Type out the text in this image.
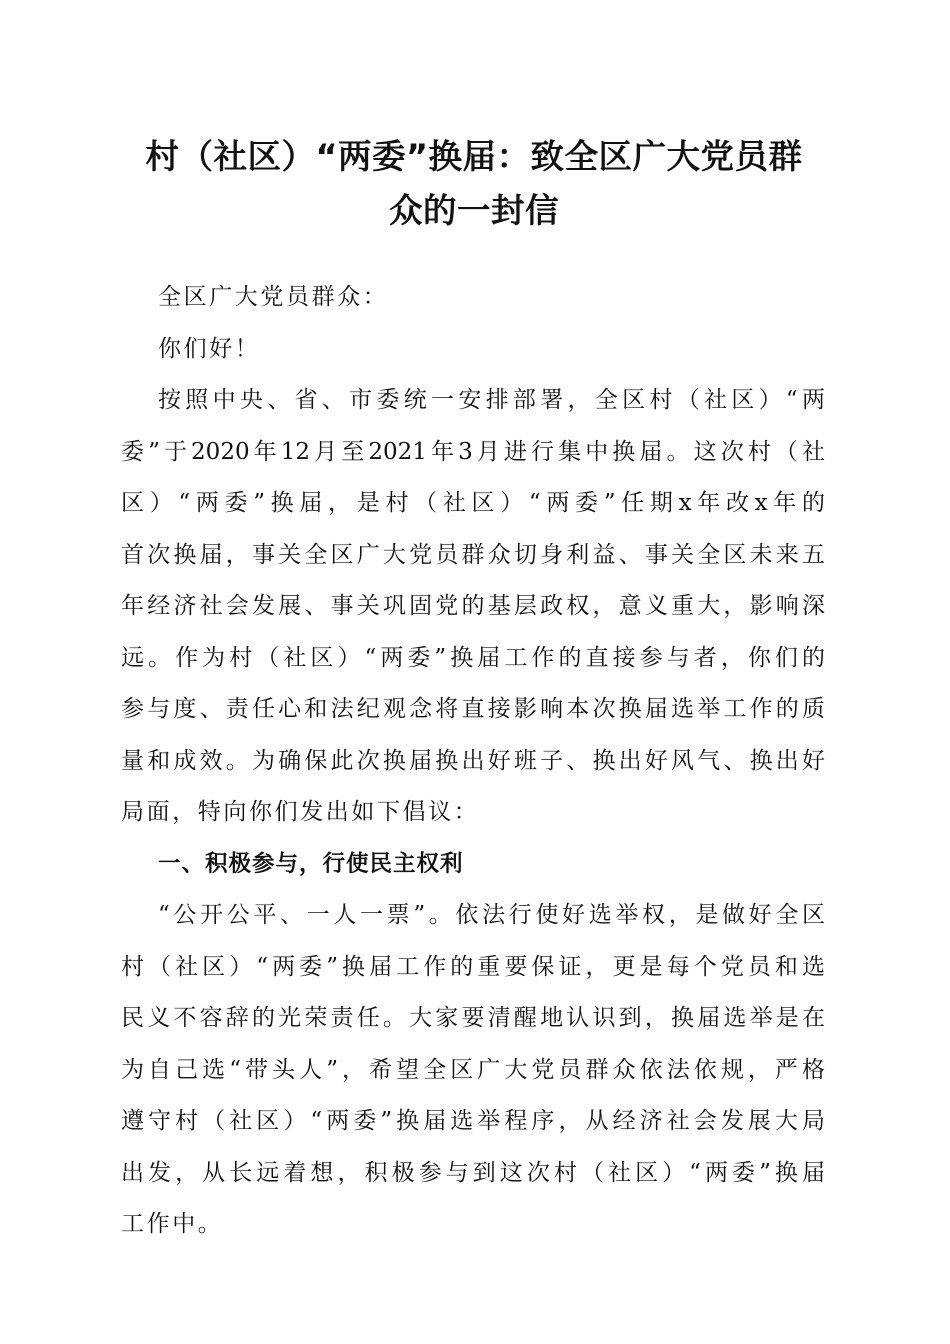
村（社区）“两委”换届：致全区广大党员群
众的一封信
全区广大党员群众：
你们好！
按照中央、省、市委统一安排部署，全区村（社区）“两
委”于2020年12月至2021年3月进行集中换届。这次村（社
区）“两委”换届，是村（社区）“两委”任期x年改x年的
首次换届，事关全区广大党员群众切身利益、事关全区未来五
年经济社会发展、事关巩固党的基层政权，意义重大，影响深
远。作为村（社区）“两委”换届工作的直接参与者，你们的
参与度、责任心和法纪观念将直接影响本次换届选举工作的质
量和成效。为确保此次换届换出好班子、换出好风气、换出好
局面，特向你们发出如下倡议：
一、积极参与，行使民主权利
“公开公平、一人一票”。依法行使好选举权，是做好全区
村（社区）“两委”换届工作的重要保证，更是每个党员和选
民义不容辞的光荣责任。大家要清醒地认识到，换届选举是在
为自己选“带头人”，希望全区广大党员群众依法依规，严格
遵守村（社区）“两委”换届选举程序，从经济社会发展大局
出发，从长远着想，积极参与到这次村（社区）“两委”换届
工作中。
